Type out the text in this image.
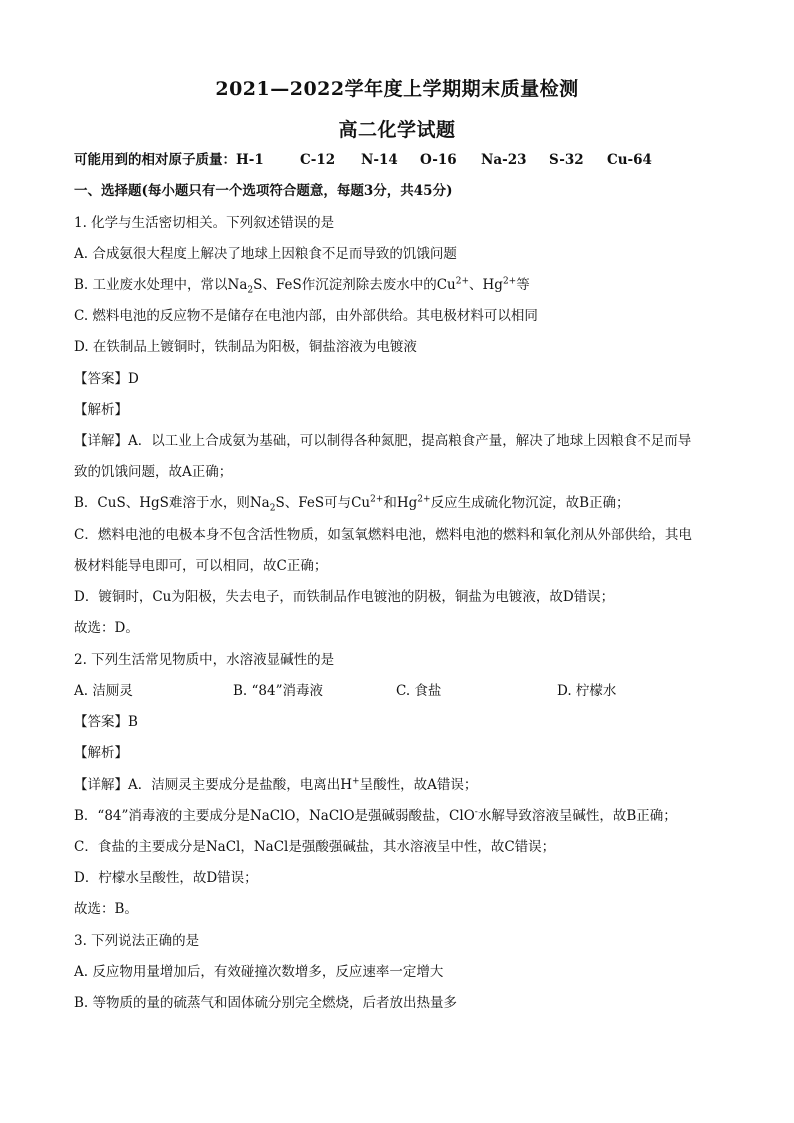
2021—2022学年度上学期期末质量检测
高二化学试题
可能用到的相对原子质量：H-1	C-12 N-14 O-16 Na-23 S-32 Cu-64
一、选择题(每小题只有一个选项符合题意，每题3分，共45分)
1. 化学与生活密切相关。下列叙述错误的是
A. 合成氨很大程度上解决了地球上因粮食不足而导致的饥饿问题
B. 工业废水处理中，常以$Na_2S$、FeS作沉淀剂除去废水中的$Cu^{2+}$、$Hg^{2+}$等
C. 燃料电池的反应物不是储存在电池内部，由外部供给。其电极材料可以相同
D. 在铁制品上镀铜时，铁制品为阳极，铜盐溶液为电镀液
【答案】D
【解析】
【详解】A．以工业上合成氨为基础，可以制得各种氮肥，提高粮食产量，解决了地球上因粮食不足而导
致的饥饿问题，故A正确；
B．CuS、HgS难溶于水，则$Na_2S$、FeS可与$Cu^{2+}$和$Hg^{2+}$反应生成硫化物沉淀，故B正确；
C．燃料电池的电极本身不包含活性物质，如氢氧燃料电池，燃料电池的燃料和氧化剂从外部供给，其电
极材料能导电即可，可以相同，故C正确；
D．镀铜时，Cu为阳极，失去电子，而铁制品作电镀池的阴极，铜盐为电镀液，故D错误；
故选：D。
2. 下列生活常见物质中，水溶液显碱性的是
A. 洁厕灵	B. “84”消毒液	C. 食盐	D. 柠檬水
【答案】B
【解析】
【详解】A．洁厕灵主要成分是盐酸，电离出H+呈酸性，故A错误；
B．“84”消毒液的主要成分是NaClO，NaClO是强碱弱酸盐，ClO-水解导致溶液呈碱性，故B正确；
C．食盐的主要成分是NaCl，NaCl是强酸强碱盐，其水溶液呈中性，故C错误；
D．柠檬水呈酸性，故D错误；
故选：B。
3. 下列说法正确的是
A. 反应物用量增加后，有效碰撞次数增多，反应速率一定增大
B. 等物质的量的硫蒸气和固体硫分别完全燃烧，后者放出热量多
